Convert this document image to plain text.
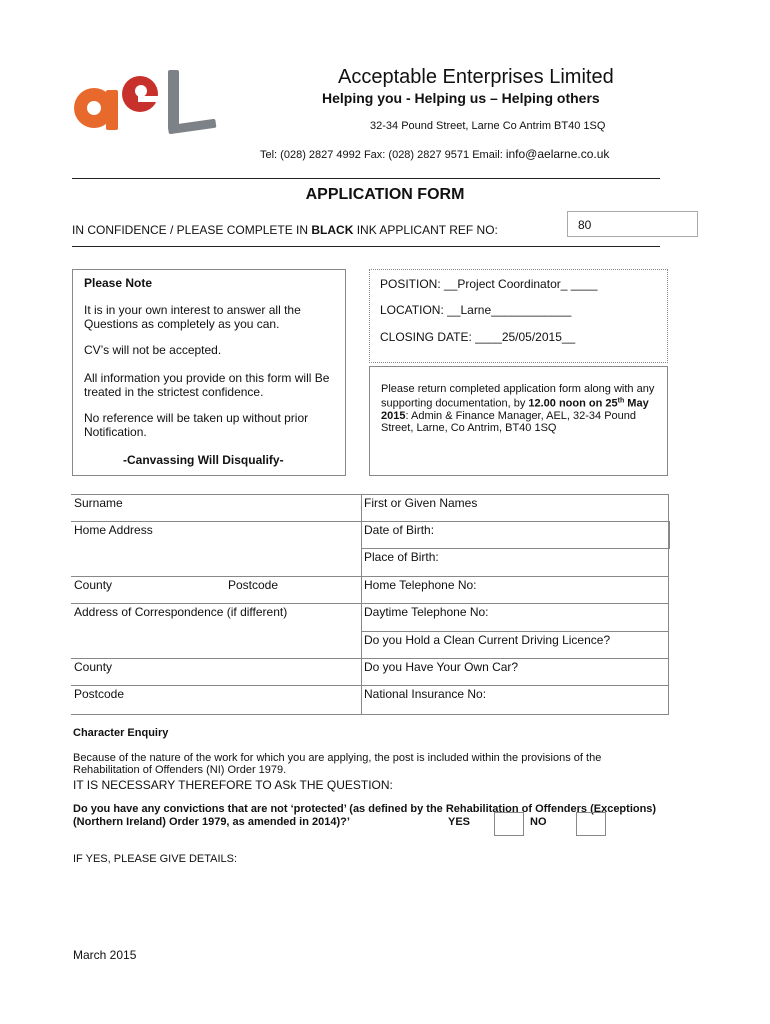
Acceptable Enterprises Limited
Helping you - Helping us – Helping others
32-34 Pound Street, Larne Co Antrim BT40 1SQ
Tel: (028) 2827 4992 Fax: (028) 2827 9571 Email: info@aelarne.co.uk
APPLICATION FORM
IN CONFIDENCE / PLEASE COMPLETE IN BLACK INK APPLICANT REF NO:	80
Please Note
It is in your own interest to answer all the Questions as completely as you can.
CV’s will not be accepted.
All information you provide on this form will Be treated in the strictest confidence.
No reference will be taken up without prior Notification.
-Canvassing Will Disqualify-
POSITION: __Project Coordinator_ ____
LOCATION: __Larne____________
CLOSING DATE: ____25/05/2015__
Please return completed application form along with any supporting documentation, by 12.00 noon on 25th May 2015: Admin & Finance Manager, AEL, 32-34 Pound Street, Larne, Co Antrim, BT40 1SQ
Surname	First or Given Names
Home Address	Date of Birth:
Place of Birth:
County	Postcode	Home Telephone No:
Address of Correspondence (if different)	Daytime Telephone No:
Do you Hold a Clean Current Driving Licence?
County	Do you Have Your Own Car?
Postcode	National Insurance No:
Character Enquiry
Because of the nature of the work for which you are applying, the post is included within the provisions of the Rehabilitation of Offenders (NI) Order 1979.
IT IS NECESSARY THEREFORE TO ASk THE QUESTION:
Do you have any convictions that are not ‘protected’ (as defined by the Rehabilitation of Offenders (Exceptions)
(Northern Ireland) Order 1979, as amended in 2014)?’	YES	NO
IF YES, PLEASE GIVE DETAILS:
March 2015
